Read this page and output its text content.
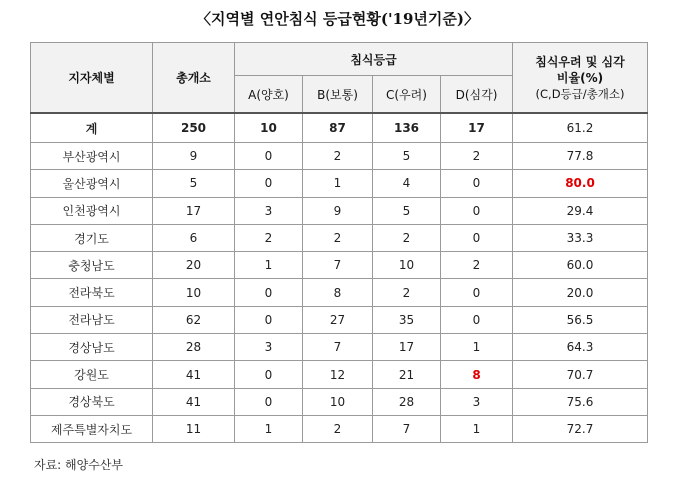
〈지역별 연안침식 등급현황('19년기준)〉
지자체별	총개소	침식등급				침식우려 및 심각
비율(%)
(C,D등급/총개소)

		A(양호)	B(보통)	C(우려)	D(심각)	
계	250	10	87	136	17	61.2
부산광역시	9	0	2	5	2	77.8
울산광역시	5	0	1	4	0	80.0
인천광역시	17	3	9	5	0	29.4
경기도	6	2	2	2	0	33.3
충청남도	20	1	7	10	2	60.0
전라북도	10	0	8	2	0	20.0
전라남도	62	0	27	35	0	56.5
경상남도	28	3	7	17	1	64.3
강원도	41	0	12	21	8	70.7
경상북도	41	0	10	28	3	75.6
제주특별자치도	11	1	2	7	1	72.7
자료: 해양수산부
